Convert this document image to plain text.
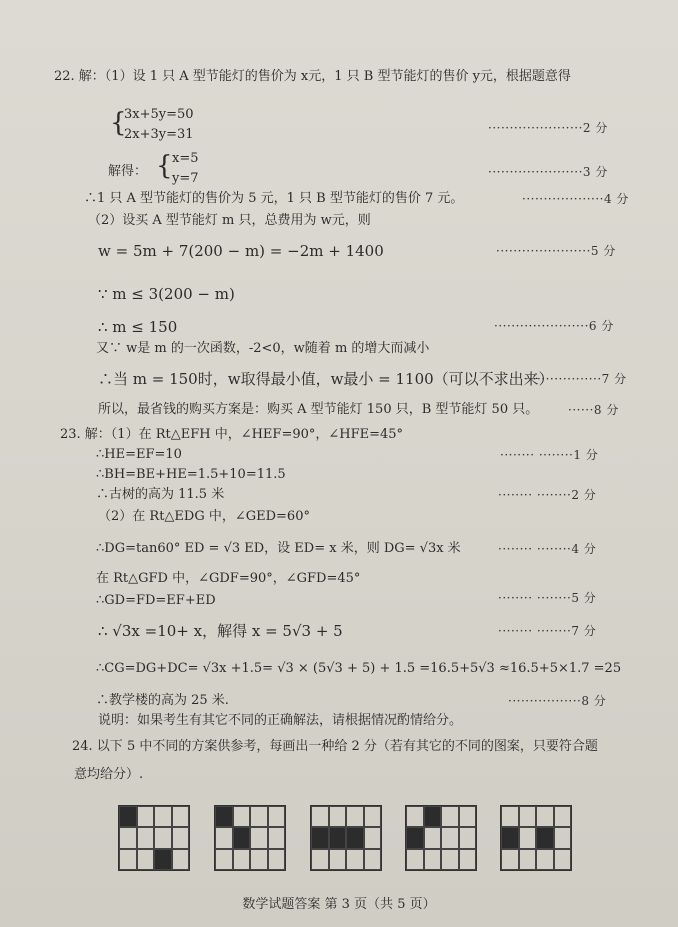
22. 解：（1）设 1 只 A 型节能灯的售价为 x元，1 只 B 型节能灯的售价 y元，根据题意得
{
3x+5y=50
2x+3y=31	······················2 分
解得： { x=5
y=7	······················3 分
∴1 只 A 型节能灯的售价为 5 元，1 只 B 型节能灯的售价 7 元。	···················4 分
（2）设买 A 型节能灯 m 只，总费用为 w元，则
w = 5m + 7(200 − m) = −2m + 1400	······················5 分
∵ m ≤ 3(200 − m)
∴ m ≤ 150	······················6 分
又∵ w是 m 的一次函数，-2<0，w随着 m 的增大而减小
∴当 m = 150时，w取得最小值，w最小 = 1100（可以不求出来）
··················7 分
所以，最省钱的购买方案是：购买 A 型节能灯 150 只，B 型节能灯 50 只。 ······8 分
23. 解：（1）在 Rt△EFH 中，∠HEF=90°，∠HFE=45°
∴HE=EF=10	········ ········1 分
∴BH=BE+HE=1.5+10=11.5
∴古树的高为 11.5 米	········ ········2 分
（2）在 Rt△EDG 中，∠GED=60°
∴DG=tan60° ED = √3 ED，设 ED= x 米，则 DG= √3x 米	········ ········4 分
在 Rt△GFD 中，∠GDF=90°，∠GFD=45°
∴GD=FD=EF+ED	········ ········5 分
∴ √3x =10+ x，解得 x = 5√3 + 5	········ ········7 分
∴CG=DG+DC= √3x +1.5= √3 × (5√3 + 5) + 1.5 =16.5+5√3 ≈16.5+5×1.7 =25
∴教学楼的高为 25 米.	·················8 分
说明：如果考生有其它不同的正确解法，请根据情况酌情给分。
24. 以下 5 中不同的方案供参考，每画出一种给 2 分（若有其它的不同的图案，只要符合题
意均给分）.
数学试题答案 第 3 页（共 5 页）
